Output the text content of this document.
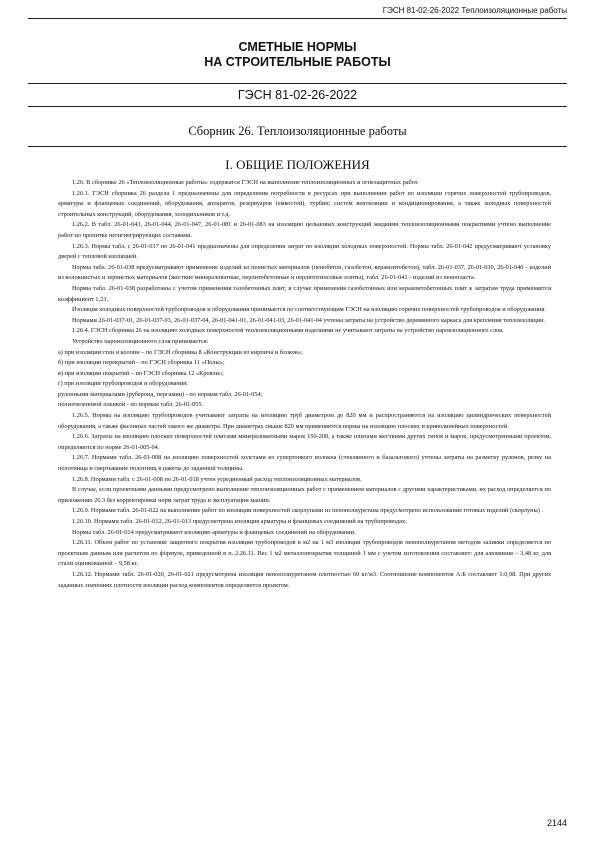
ГЭСН 81-02-26-2022 Теплоизоляционные работы
СМЕТНЫЕ НОРМЫ
НА СТРОИТЕЛЬНЫЕ РАБОТЫ
ГЭСН 81-02-26-2022
Сборник 26. Теплоизоляционные работы
I. ОБЩИЕ ПОЛОЖЕНИЯ

1.26. В сборнике 26 «Теплоизоляционные работы» содержатся ГЭСН на выполнение теплоизоляционных и огнезащитных работ.

1.26.1. ГЭСН сборника 26 раздела 1 предназначены для определения потребности в ресурсах при выполнении работ по изоляции горячих поверхностей трубопроводов, арматуры и фланцевых соединений, оборудования, аппаратов, резервуаров (емкостей), турбин; систем вентиляции и кондиционирования, а также холодных поверхностей строительных конструкций, оборудования, холодильников и т.д.

1.26.2. В табл. 26-01-043, 26-01-044, 26-01-047, 26-01-081 и 26-01-083 на изоляцию цельновых конструкций жидкими теплоизоляционными покрытиями учтено выполнение работ по пропитке негигиегрирующих составами.

1.26.3. Нормы табл. с 26-01-037 по 26-01-041 предназначены для определения затрат по изоляции холодных поверхностей. Нормы табл. 26-01-042 предусматривают установку дверей с тепловой изоляцией.

Нормы табл. 26-01-038 предусматривают применение изделий из пенистых материалов (пенобетон, газобетон, керамзитобетон), табл. 26-01-037, 26-01-039, 26-01-040 - изделий из волокнистых и зернистых материалов (жесткие минераловатные, перлитобетонные и перлитогипсовые плиты), табл. 26-01-041 - изделий из пенопласта.

Нормы табл. 26-01-038 разработаны с учетом применения газобетонных плит, в случае применения газобетонных или керамзитобетонных плит к затратам труда применяется коэффициент 1,23.

Изоляция холодных поверхностей трубопроводов и оборудования принимается по соответствующим ГЭСН на изоляцию горячих поверхностей трубопроводов и оборудования.

Нормами 26-01-037-01, 26-01-037-03, 26-01-037-04, 26-01-041-01, 26-01-041-03, 26-01-041-04 учтены затраты на устройство деревянного каркаса для крепления теплоизоляции.

1.26.4. ГЭСН сборника 26 на изоляцию холодных поверхностей теплоизоляционными изделиями не учитывают затраты на устройство пароизоляционного слоя.

Устройство пароизоляционного слоя принимается:

а) при изоляции стен и колонн – по ГЭСН сборника 8 «Конструкции из кирпича и блоков»;

б) при изоляции перекрытий – по ГЭСН сборника 11 «Полы»;

в) при изоляции покрытий – по ГЭСН сборника 12 «Кровли»;

г) при изоляции трубопроводов и оборудования:

рулонными материалами (рубероид, пергамин) - по нормам табл. 26-01-054;

полиэтиленовой пленкой - по нормам табл. 26-01-055.

1.26.5. Нормы на изоляцию трубопроводов учитывают затраты на изоляцию труб диаметром до 820 мм и распространяются на изоляцию цилиндрических поверхностей оборудования, а также фасонных частей такого же диаметра. При диаметрах свыше 820 мм применяются нормы на изоляцию плоских и криволинейных поверхностей.

1.26.6. Затраты на изоляцию плоских поверхностей плитами минераловатными марок 150-200, а также плитами жесткими других типов и марок, предусмотренными проектом, определяются по норме 26-01-005-04.

1.26.7. Нормами табл. 26-01-008 на изоляцию поверхностей холстами из супертонкого волокна (стеклянного и базальтового) учтены затраты на разметку рулонов, резку на полотнища и свертывание полотнищ в пакеты до заданной толщины.

1.26.8. Нормами табл. с 26-01-008 по 26-01-018 учтен усредненный расход теплоизоляционных материалов.

В случае, если проектными данными предусмотрено выполнение теплоизоляционных работ с применением материалов с другими характеристиками, их расход определяется по приложению 26.3 без корректировки норм затрат труда и эксплуатации машин.

1.26.9. Нормами табл. 26-01-022 на выполнение работ по изоляции поверхностей скорлупами из пенополиуретана предусмотрено использование готовых изделий (скорлупы) .

1.26.10. Нормами табл. 26-01-012, 26-01-013 предусмотрена изоляция арматуры и фланцевых соединений на трубопроводах.

Нормы табл. 26-01-014 предусматривают изоляцию арматуры и фланцевых соединений на оборудовании.

1.26.11. Объем работ по установке защитного покрытия изоляции трубопроводов в м2 на 1 м3 изоляции трубопроводов пенополиуретаном методом заливки определяется по проектным данным или расчетом по формуле, приведенной в п. 2.26.11. Вес 1 м2 металлопокрытия толщиной 1 мм с учетом изготовления составляет: для алюминия – 3,48 кг, для стали оцинкованной – 9,58 кг.

1.26.12. Нормами табл. 26-01-020, 26-01-021 предусмотрена изоляция пенополиуретаном плотностью 60 кг/м3. Соотношение компонентов А:Б составляет 1:0,98. При других заданных значениях плотности изоляции расход компонентов определяется проектом.

2144
